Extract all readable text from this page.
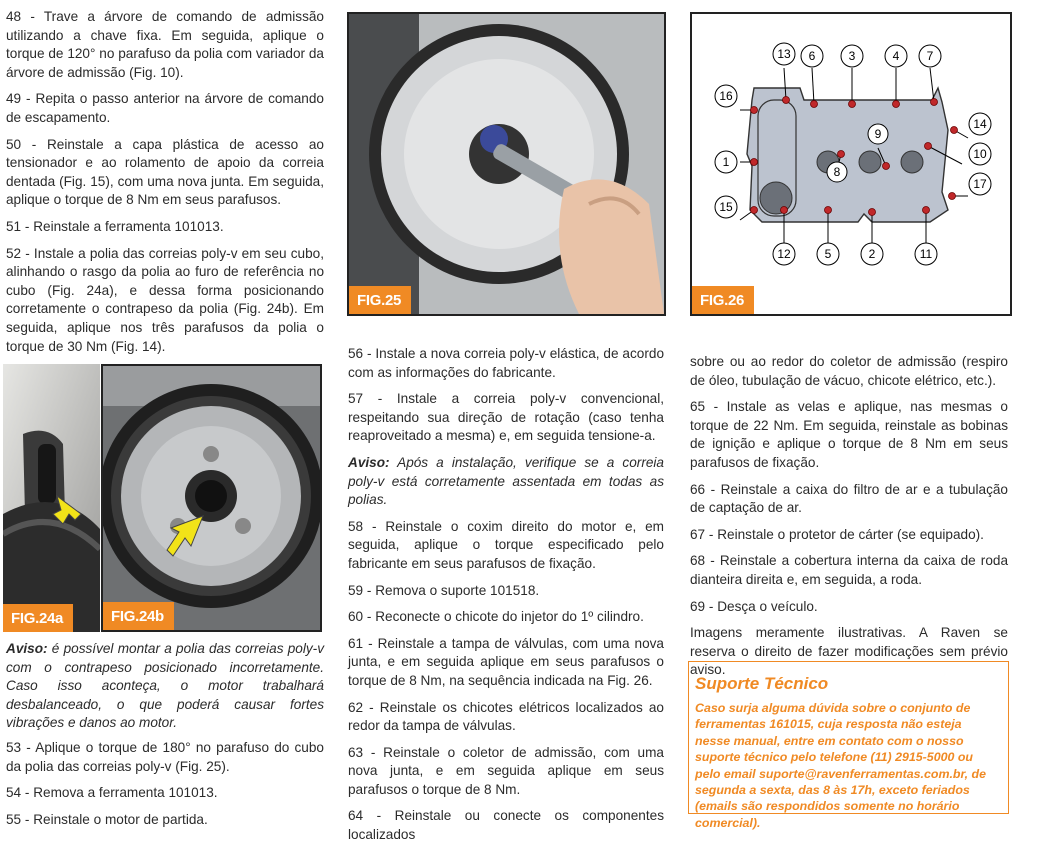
48 - Trave a árvore de comando de admissão utilizando a chave fixa. Em seguida, aplique o torque de 120° no parafuso da polia com variador da árvore de admissão (Fig. 10).

49 - Repita o passo anterior na árvore de comando de escapamento.

50 - Reinstale a capa plástica de acesso ao tensionador e ao rolamento de apoio da correia dentada (Fig. 15), com uma nova junta. Em seguida, aplique o torque de 8 Nm em seus parafusos.

51 - Reinstale a ferramenta 101013.

52 - Instale a polia das correias poly-v em seu cubo, alinhando o rasgo da polia ao furo de referência no cubo (Fig. 24a), e dessa forma posicionando corretamente o contrapeso da polia (Fig. 24b). Em seguida, aplique nos três parafusos da polia o torque de 30 Nm (Fig. 14).

FIG.24a	FIG.24b

Aviso: é possível montar a polia das correias poly-v com o contrapeso posicionado incorretamente. Caso isso aconteça, o motor trabalhará desbalanceado, o que poderá causar fortes vibrações e danos ao motor.

53 - Aplique o torque de 180° no parafuso do cubo da polia das correias poly-v (Fig. 25).

54 - Remova a ferramenta 101013.

55 - Reinstale o motor de partida.

FIG.25
1
2
3	4
5
6	7
8
9
10
11
12
13
14
15
16
17
FIG.26

56 - Instale a nova correia poly-v elástica, de acordo com as informações do fabricante.

57 - Instale a correia poly-v convencional, respeitando sua direção de rotação (caso tenha reaproveitado a mesma) e, em seguida tensione-a.

Aviso: Após a instalação, verifique se a correia poly-v está corretamente assentada em todas as polias.

58 - Reinstale o coxim direito do motor e, em seguida, aplique o torque especificado pelo fabricante em seus parafusos de fixação.

59 - Remova o suporte 101518.

60 - Reconecte o chicote do injetor do 1º cilindro.

61 - Reinstale a tampa de válvulas, com uma nova junta, e em seguida aplique em seus parafusos o torque de 8 Nm, na sequência indicada na Fig. 26.

62 - Reinstale os chicotes elétricos localizados ao redor da tampa de válvulas.

63 - Reinstale o coletor de admissão, com uma nova junta, e em seguida aplique em seus parafusos o torque de 8 Nm.

64 - Reinstale ou conecte os componentes localizados

sobre ou ao redor do coletor de admissão (respiro de óleo, tubulação de vácuo, chicote elétrico, etc.).

65 - Instale as velas e aplique, nas mesmas o torque de 22 Nm. Em seguida, reinstale as bobinas de ignição e aplique o torque de 8 Nm em seus parafusos de fixação.

66 - Reinstale a caixa do filtro de ar e a tubulação de captação de ar.

67 - Reinstale o protetor de cárter (se equipado).

68 - Reinstale a cobertura interna da caixa de roda dianteira direita e, em seguida, a roda.

69 - Desça o veículo.

Imagens meramente ilustrativas. A Raven se reserva o direito de fazer modificações sem prévio aviso.

Suporte Técnico
Caso surja alguma dúvida sobre o conjunto de ferramentas 161015, cuja resposta não esteja nesse manual, entre em contato com o nosso suporte técnico pelo telefone (11) 2915-5000 ou pelo email suporte@ravenferramentas.com.br, de segunda a sexta, das 8 às 17h, exceto feriados (emails são respondidos somente no horário comercial).
